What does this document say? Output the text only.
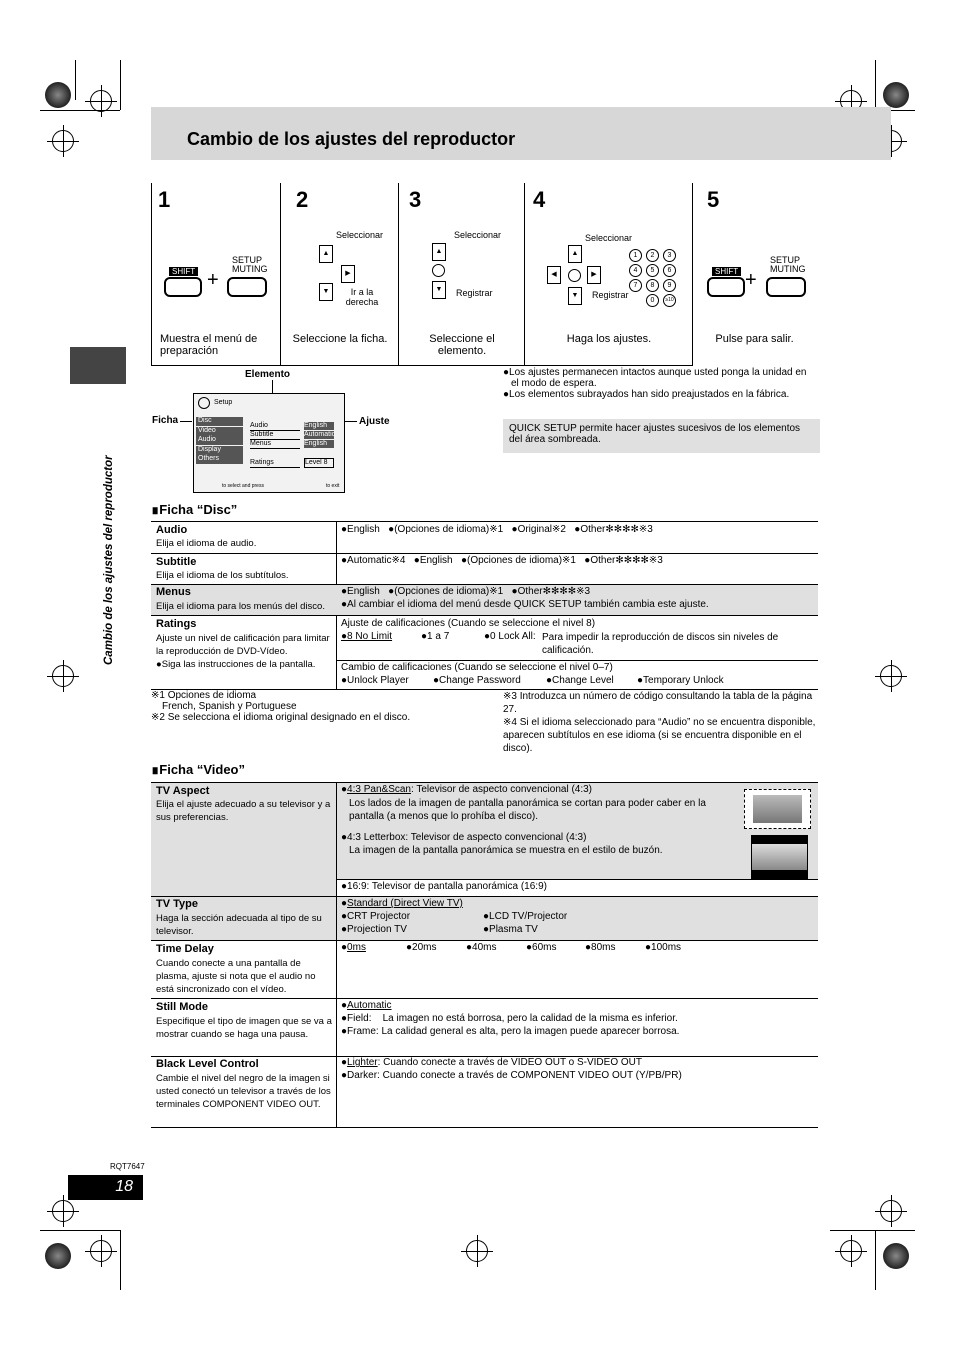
Cambio de los ajustes del reproductor
Cambio de los ajustes del reproductor
1
SHIFT +
SETUP MUTING
Muestra el menú de preparación
2
Seleccionar
▲
▼
▶
Ir a la derecha
Seleccione la ficha.
3
Seleccionar
▲
▼	Registrar
Seleccione el elemento.
4
Seleccionar
▲
◀	▶
▼	Registrar
1	2	3
4	5	6
7	8	9
0	≥10
Haga los ajustes.
5
SHIFT +
SETUP MUTING
Pulse para salir.
Elemento
Ficha	Ajuste
Setup
Disc
Video
Audio
Display
Others
Audio
Subtitle
Menus
Ratings
English
Automatic
English
Level 8
to select and press	to exit
●Los ajustes permanecen intactos aunque usted ponga la unidad en el modo de espera.
●Los elementos subrayados han sido preajustados en la fábrica.
QUICK SETUP permite hacer ajustes sucesivos de los elementos del área sombreada.
∎Ficha “Disc”
Audio
Elija el idioma de audio.
●English   ●(Opciones de idioma)※1   ●Original※2   ●Other✻✻✻✻※3
Subtitle
Elija el idioma de los subtítulos.
●Automatic※4   ●English   ●(Opciones de idioma)※1   ●Other✻✻✻✻※3
Menus
Elija el idioma para los menús del disco.
●English   ●(Opciones de idioma)※1   ●Other✻✻✻✻※3
●Al cambiar el idioma del menú desde QUICK SETUP también cambia este ajuste.
Ratings
Ajuste un nivel de calificación para limitar la reproducción de DVD-Vídeo.
●Siga las instrucciones de la pantalla.
Ajuste de calificaciones (Cuando se seleccione el nivel 8)
●8 No Limit	●1 a 7	●0 Lock All: Para impedir la reproducción de discos sin niveles de calificación.
Cambio de calificaciones (Cuando se seleccione el nivel 0–7)
●Unlock Player ●Change Password	●Change Level ●Temporary Unlock
※1 Opciones de idioma
French, Spanish y Portuguese
※2 Se selecciona el idioma original designado en el disco.
※3 Introduzca un número de código consultando la tabla de la página 27.
※4 Si el idioma seleccionado para “Audio” no se encuentra disponible, aparecen subtítulos en ese idioma (si se encuentra disponible en el disco).
∎Ficha “Video”
TV Aspect
Elija el ajuste adecuado a su televisor y a sus preferencias.
●4:3 Pan&Scan: Televisor de aspecto convencional (4:3)
Los lados de la imagen de pantalla panorámica se cortan para poder caber en la pantalla (a menos que lo prohíba el disco).
●4:3 Letterbox: Televisor de aspecto convencional (4:3)
La imagen de la pantalla panorámica se muestra en el estilo de buzón.
●16:9: Televisor de pantalla panorámica (16:9)
TV Type
Haga la sección adecuada al tipo de su televisor.
●Standard (Direct View TV)
●CRT Projector	●LCD TV/Projector
●Projection TV	●Plasma TV
Time Delay
Cuando conecte a una pantalla de plasma, ajuste si nota que el audio no está sincronizado con el vídeo.
●0ms	●20ms	●40ms	●60ms	●80ms	●100ms
Still Mode
Especifique el tipo de imagen que se va a mostrar cuando se haga una pausa.
●Automatic
●Field:    La imagen no está borrosa, pero la calidad de la misma es inferior.
●Frame: La calidad general es alta, pero la imagen puede aparecer borrosa.
Black Level Control
Cambie el nivel del negro de la imagen si usted conectó un televisor a través de los terminales COMPONENT VIDEO OUT.
●Lighter: Cuando conecte a través de VIDEO OUT o S-VIDEO OUT
●Darker: Cuando conecte a través de COMPONENT VIDEO OUT (Y/PB/PR)
RQT7647
18
